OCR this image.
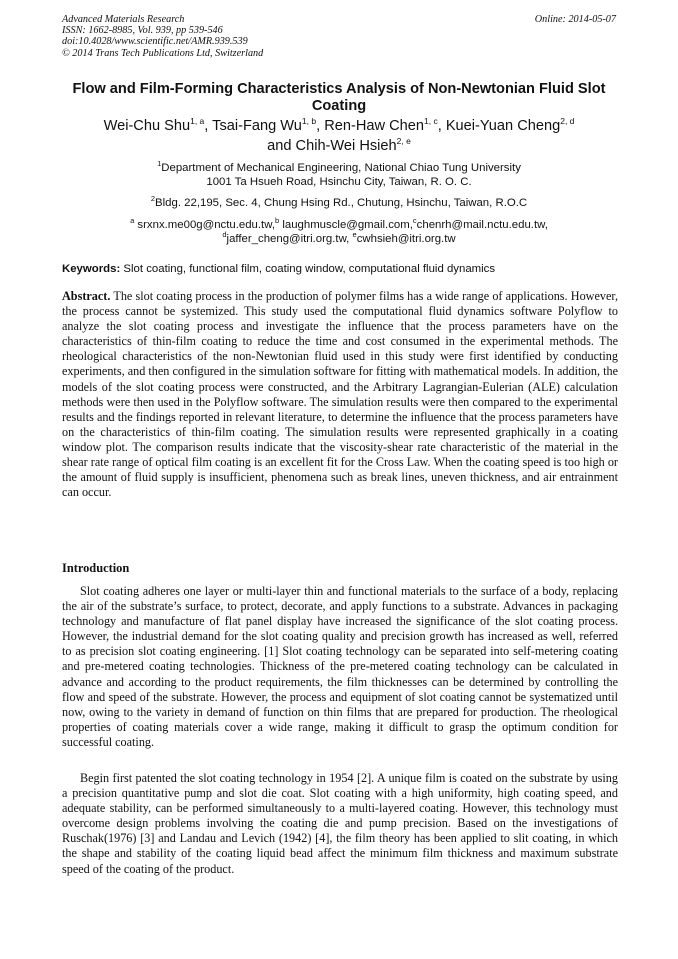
Advanced Materials Research
ISSN: 1662-8985, Vol. 939, pp 539-546
doi:10.4028/www.scientific.net/AMR.939.539
© 2014 Trans Tech Publications Ltd, Switzerland
Online: 2014-05-07
Flow and Film-Forming Characteristics Analysis of Non-Newtonian Fluid Slot Coating
Wei-Chu Shu$^{1, a}$, Tsai-Fang Wu$^{1, b}$, Ren-Haw Chen$^{1, c}$, Kuei-Yuan Cheng$^{2, d}$
and Chih-Wei Hsieh$^{2, e}$
$^1$Department of Mechanical Engineering, National Chiao Tung University
1001 Ta Hsueh Road, Hsinchu City, Taiwan, R. O. C.
$^2$Bldg. 22,195, Sec. 4, Chung Hsing Rd., Chutung, Hsinchu, Taiwan, R.O.C
$^a$ srxnx.me00g@nctu.edu.tw,$^b$ laughmuscle@gmail.com,$^c$chenrh@mail.nctu.edu.tw,
$^d$jaffer_cheng@itri.org.tw, $^e$cwhsieh@itri.org.tw
Keywords: Slot coating, functional film, coating window, computational fluid dynamics

Abstract. The slot coating process in the production of polymer films has a wide range of applications. However, the process cannot be systemized. This study used the computational fluid dynamics software Polyflow to analyze the slot coating process and investigate the influence that the process parameters have on the characteristics of thin-film coating to reduce the time and cost consumed in the experimental methods. The rheological characteristics of the non-Newtonian fluid used in this study were first identified by conducting experiments, and then configured in the simulation software for fitting with mathematical models. In addition, the models of the slot coating process were constructed, and the Arbitrary Lagrangian-Eulerian (ALE) calculation methods were then used in the Polyflow software. The simulation results were then compared to the experimental results and the findings reported in relevant literature, to determine the influence that the process parameters have on the characteristics of thin-film coating. The simulation results were represented graphically in a coating window plot. The comparison results indicate that the viscosity-shear rate characteristic of the material in the shear rate range of optical film coating is an excellent fit for the Cross Law. When the coating speed is too high or the amount of fluid supply is insufficient, phenomena such as break lines, uneven thickness, and air entrainment can occur.

Introduction

Slot coating adheres one layer or multi-layer thin and functional materials to the surface of a body, replacing the air of the substrate’s surface, to protect, decorate, and apply functions to a substrate. Advances in packaging technology and manufacture of flat panel display have increased the significance of the slot coating process. However, the industrial demand for the slot coating quality and precision growth has increased as well, referred to as precision slot coating engineering. [1] Slot coating technology can be separated into self-metering coating and pre-metered coating technologies. Thickness of the pre-metered coating technology can be calculated in advance and according to the product requirements, the film thicknesses can be determined by controlling the flow and speed of the substrate. However, the process and equipment of slot coating cannot be systematized until now, owing to the variety in demand of function on thin films that are prepared for production. The rheological properties of coating materials cover a wide range, making it difficult to grasp the optimum condition for successful coating.

Begin first patented the slot coating technology in 1954 [2]. A unique film is coated on the substrate by using a precision quantitative pump and slot die coat. Slot coating with a high uniformity, high coating speed, and adequate stability, can be performed simultaneously to a multi-layered coating. However, this technology must overcome design problems involving the coating die and pump precision. Based on the investigations of Ruschak(1976) [3] and Landau and Levich (1942) [4], the film theory has been applied to slit coating, in which the shape and stability of the coating liquid bead affect the minimum film thickness and maximum substrate speed of the coating of the product.
